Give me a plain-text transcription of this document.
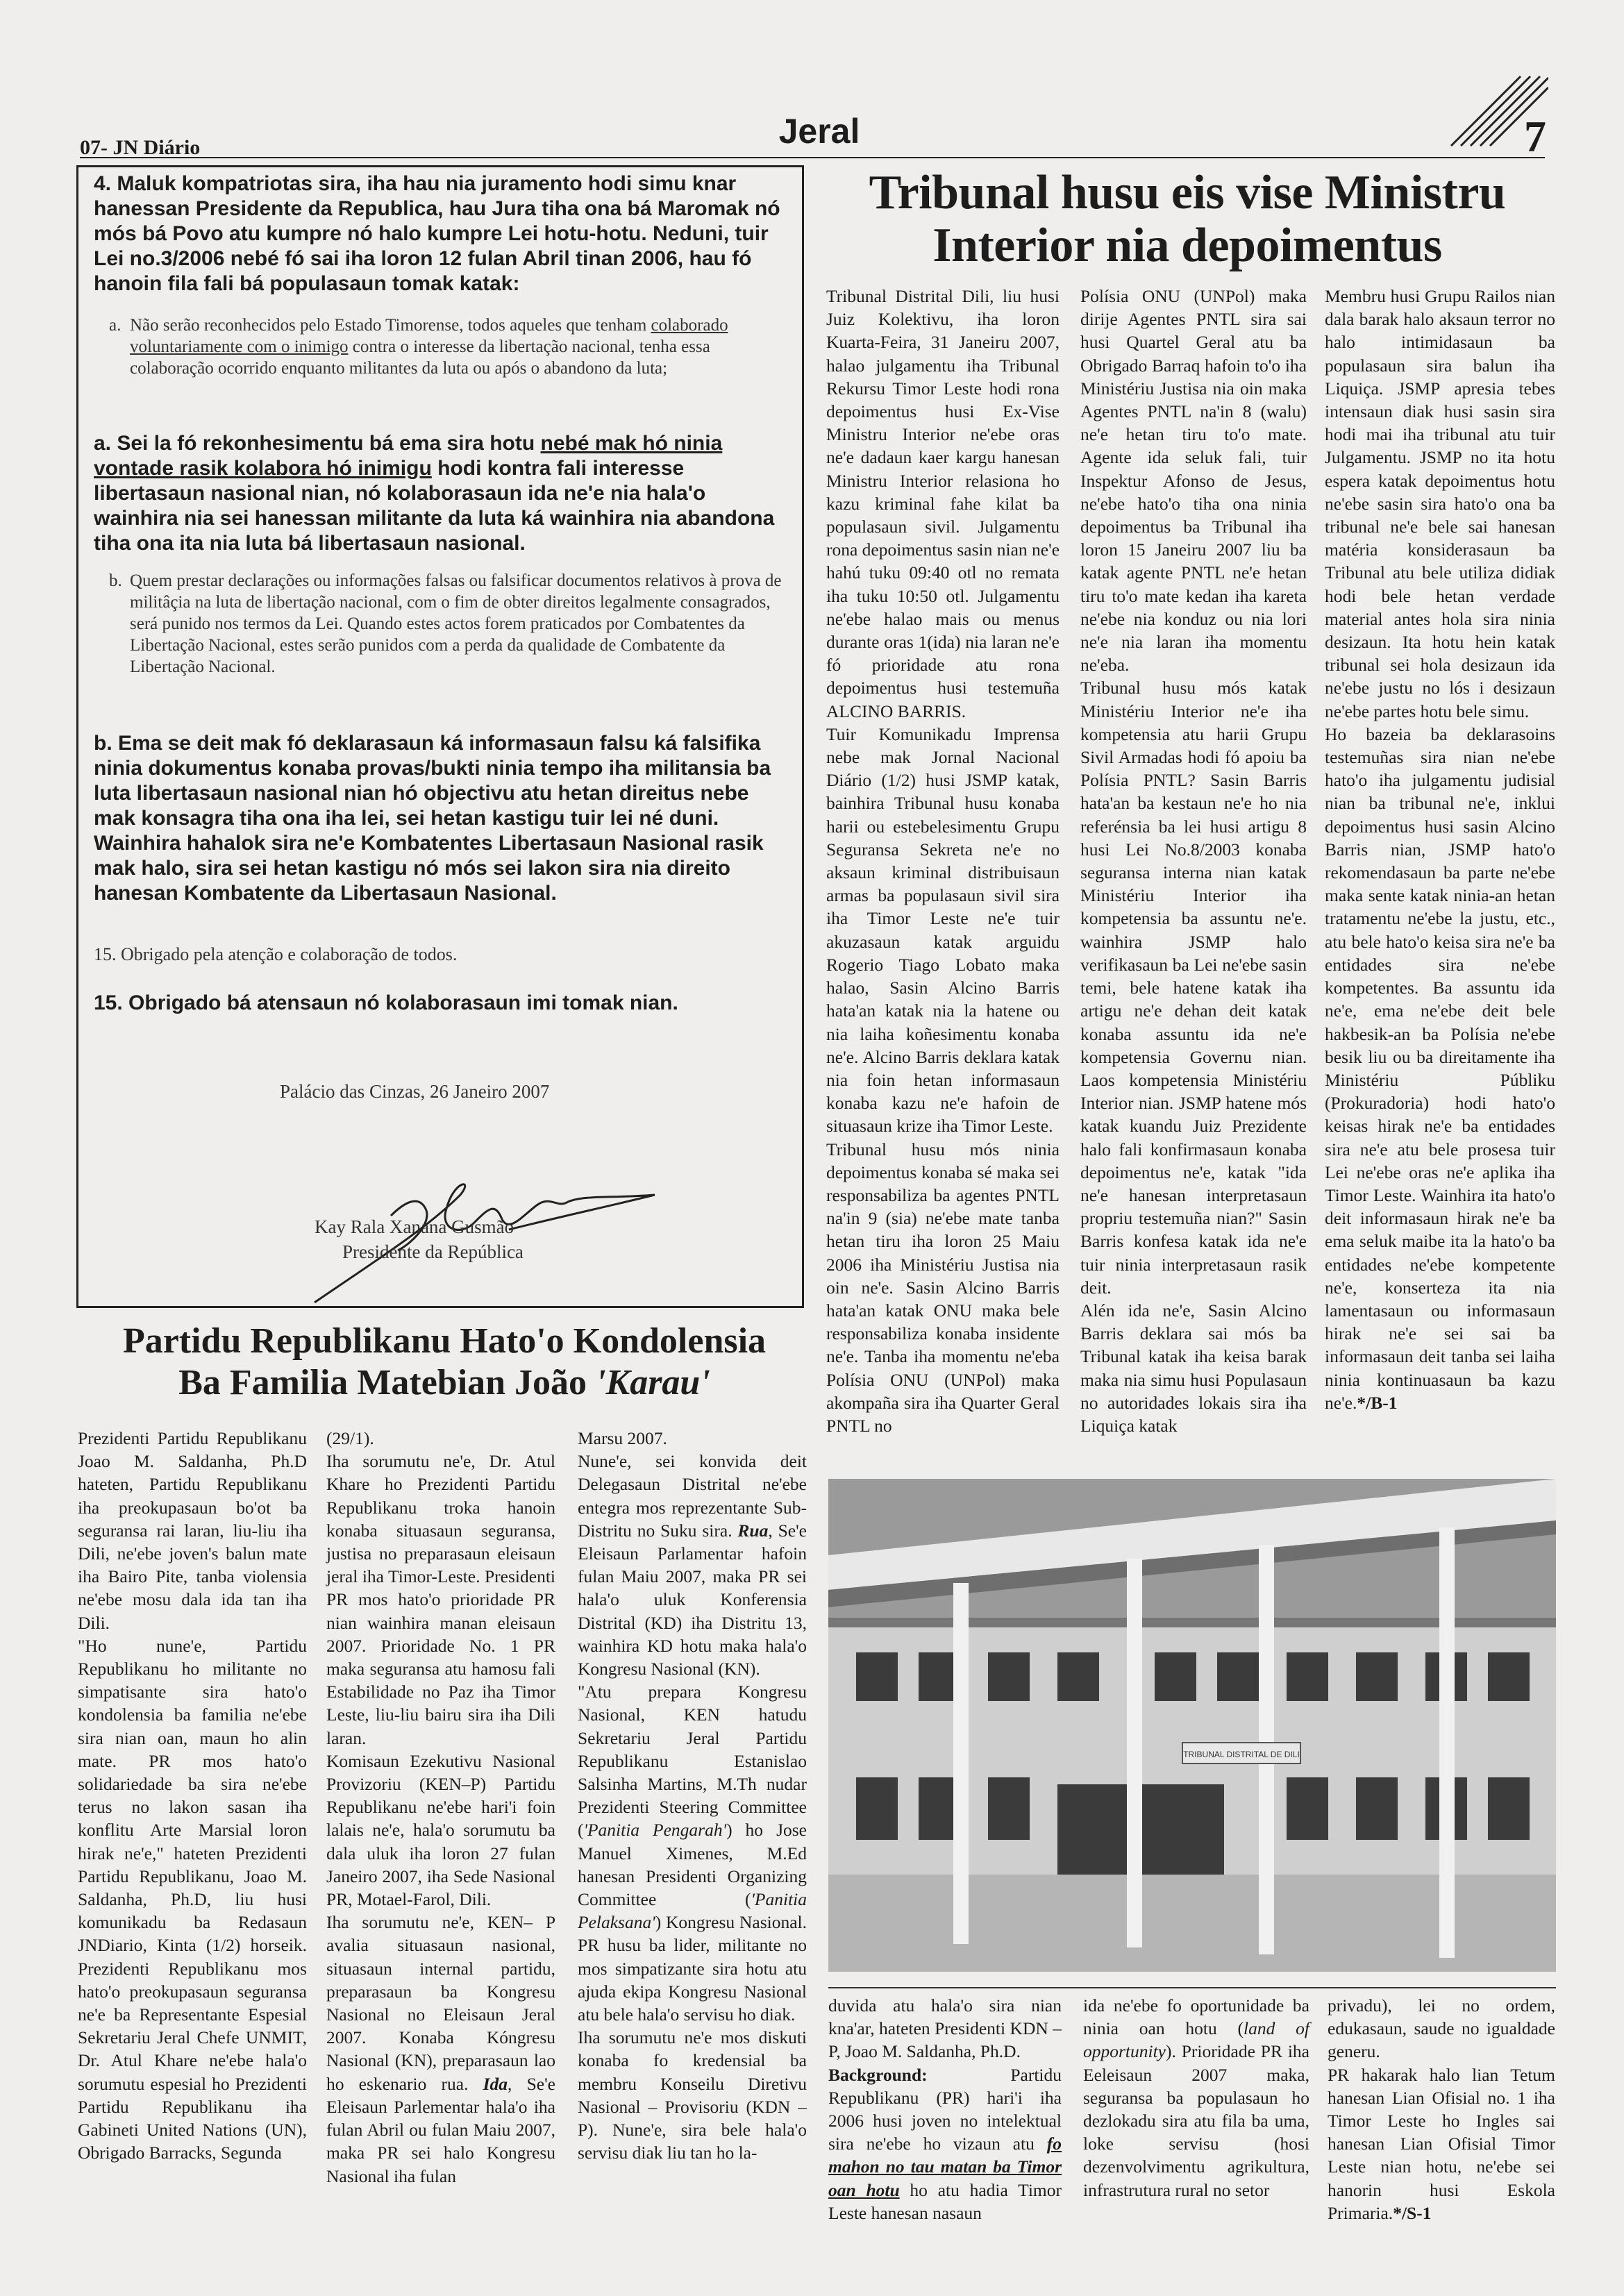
07- JN Diário	Jeral	7
4. Maluk kompatriotas sira, iha hau nia juramento hodi simu knar hanessan Presidente da Republica, hau Jura tiha ona bá Maromak nó mós bá Povo atu kumpre nó halo kumpre Lei hotu-hotu. Neduni, tuir Lei no.3/2006 nebé fó sai iha loron 12 fulan Abril tinan 2006, hau fó hanoin fila fali bá populasaun tomak katak:
a. Não serão reconhecidos pelo Estado Timorense, todos aqueles que tenham colaborado voluntariamente com o inimigo contra o interesse da libertação nacional, tenha essa colaboração ocorrido enquanto militantes da luta ou após o abandono da luta;
a. Sei la fó rekonhesimentu bá ema sira hotu nebé mak hó ninia vontade rasik kolabora hó inimigu hodi kontra fali interesse libertasaun nasional nian, nó kolaborasaun ida ne'e nia hala'o wainhira nia sei hanessan militante da luta ká wainhira nia abandona tiha ona ita nia luta bá libertasaun nasional.
b. Quem prestar declarações ou informações falsas ou falsificar documentos relativos à prova de militâçia na luta de libertação nacional, com o fim de obter direitos legalmente consagrados, será punido nos termos da Lei. Quando estes actos forem praticados por Combatentes da Libertação Nacional, estes serão punidos com a perda da qualidade de Combatente da Libertação Nacional.
b. Ema se deit mak fó deklarasaun ká informasaun falsu ká falsifika ninia dokumentus konaba provas/bukti ninia tempo iha militansia ba luta libertasaun nasional nian hó objectivu atu hetan direitus nebe mak konsagra tiha ona iha lei, sei hetan kastigu tuir lei né duni. Wainhira hahalok sira ne'e Kombatentes Libertasaun Nasional rasik mak halo, sira sei hetan kastigu nó mós sei lakon sira nia direito hanesan Kombatente da Libertasaun Nasional.
15. Obrigado pela atenção e colaboração de todos.
15. Obrigado bá atensaun nó kolaborasaun imi tomak nian.
Palácio das Cinzas, 26 Janeiro 2007
Kay Rala Xanana Gusmão
Presidente da República
Tribunal husu eis vise Ministru
Interior nia depoimentus

Tribunal Distrital Dili, liu husi Juiz Kolektivu, iha loron Kuarta-Feira, 31 Janeiru 2007, halao julgamentu iha Tribunal Rekursu Timor Leste hodi rona depoimentus husi Ex-Vise Ministru Interior ne'ebe oras ne'e dadaun kaer kargu hanesan Ministru Interior relasiona ho kazu kriminal fahe kilat ba populasaun sivil. Julgamentu rona depoimentus sasin nian ne'e hahú tuku 09:40 otl no remata iha tuku 10:50 otl. Julgamentu ne'ebe halao mais ou menus durante oras 1(ida) nia laran ne'e fó prioridade atu rona depoimentus husi testemuña ALCINO BARRIS.

Tuir Komunikadu Imprensa nebe mak Jornal Nacional Diário (1/2) husi JSMP katak, bainhira Tribunal husu konaba harii ou estebelesimentu Grupu Seguransa Sekreta ne'e no aksaun kriminal distribuisaun armas ba populasaun sivil sira iha Timor Leste ne'e tuir akuzasaun katak arguidu Rogerio Tiago Lobato maka halao, Sasin Alcino Barris hata'an katak nia la hatene ou nia laiha koñesimentu konaba ne'e. Alcino Barris deklara katak nia foin hetan informasaun konaba kazu ne'e hafoin de situasaun krize iha Timor Leste.

Tribunal husu mós ninia depoimentus konaba sé maka sei responsabiliza ba agentes PNTL na'in 9 (sia) ne'ebe mate tanba hetan tiru iha loron 25 Maiu 2006 iha Ministériu Justisa nia oin ne'e. Sasin Alcino Barris hata'an katak ONU maka bele responsabiliza konaba insidente ne'e. Tanba iha momentu ne'eba Polísia ONU (UNPol) maka akompaña sira iha Quarter Geral PNTL no

Polísia ONU (UNPol) maka dirije Agentes PNTL sira sai husi Quartel Geral atu ba Obrigado Barraq hafoin to'o iha Ministériu Justisa nia oin maka Agentes PNTL na'in 8 (walu) ne'e hetan tiru to'o mate. Agente ida seluk fali, tuir Inspektur Afonso de Jesus, ne'ebe hato'o tiha ona ninia depoimentus ba Tribunal iha loron 15 Janeiru 2007 liu ba katak agente PNTL ne'e hetan tiru to'o mate kedan iha kareta ne'ebe nia konduz ou nia lori ne'e nia laran iha momentu ne'eba.

Tribunal husu mós katak Ministériu Interior ne'e iha kompetensia atu harii Grupu Sivil Armadas hodi fó apoiu ba Polísia PNTL? Sasin Barris hata'an ba kestaun ne'e ho nia referénsia ba lei husi artigu 8 husi Lei No.8/2003 konaba seguransa interna nian katak Ministériu Interior iha kompetensia ba assuntu ne'e. wainhira JSMP halo verifikasaun ba Lei ne'ebe sasin temi, bele hatene katak iha artigu ne'e dehan deit katak konaba assuntu ida ne'e kompetensia Governu nian. Laos kompetensia Ministériu Interior nian. JSMP hatene mós katak kuandu Juiz Prezidente halo fali konfirmasaun konaba depoimentus ne'e, katak "ida ne'e hanesan interpretasaun propriu testemuña nian?" Sasin Barris konfesa katak ida ne'e tuir ninia interpretasaun rasik deit.

Alén ida ne'e, Sasin Alcino Barris deklara sai mós ba Tribunal katak iha keisa barak maka nia simu husi Populasaun no autoridades lokais sira iha Liquiça katak

Membru husi Grupu Railos nian dala barak halo aksaun terror no halo intimidasaun ba populasaun sira balun iha Liquiça. JSMP apresia tebes intensaun diak husi sasin sira hodi mai iha tribunal atu tuir Julgamentu. JSMP no ita hotu espera katak depoimentus hotu ne'ebe sasin sira hato'o ona ba tribunal ne'e bele sai hanesan matéria konsiderasaun ba Tribunal atu bele utiliza didiak hodi bele hetan verdade material antes hola sira ninia desizaun. Ita hotu hein katak tribunal sei hola desizaun ida ne'ebe justu no lós i desizaun ne'ebe partes hotu bele simu.

Ho bazeia ba deklarasoins testemuñas sira nian ne'ebe hato'o iha julgamentu judisial nian ba tribunal ne'e, inklui depoimentus husi sasin Alcino Barris nian, JSMP hato'o rekomendasaun ba parte ne'ebe maka sente katak ninia-an hetan tratamentu ne'ebe la justu, etc., atu bele hato'o keisa sira ne'e ba entidades sira ne'ebe kompetentes. Ba assuntu ida ne'e, ema ne'ebe deit bele hakbesik-an ba Polísia ne'ebe besik liu ou ba direitamente iha Ministériu Públiku (Prokuradoria) hodi hato'o keisas hirak ne'e ba entidades sira ne'e atu bele prosesa tuir Lei ne'ebe oras ne'e aplika iha Timor Leste. Wainhira ita hato'o deit informasaun hirak ne'e ba ema seluk maibe ita la hato'o ba entidades ne'ebe kompetente ne'e, konserteza ita nia lamentasaun ou informasaun hirak ne'e sei sai ba informasaun deit tanba sei laiha ninia kontinuasaun ba kazu ne'e.*/B-1

TRIBUNAL DISTRITAL DE DILI

duvida atu hala'o sira nian kna'ar, hateten Presidenti KDN – P, Joao M. Saldanha, Ph.D.

Background: Partidu Republikanu (PR) hari'i iha 2006 husi joven no intelektual sira ne'ebe ho vizaun atu fo mahon no tau matan ba Timor oan hotu ho atu hadia Timor Leste hanesan nasaun

ida ne'ebe fo oportunidade ba ninia oan hotu (land of opportunity). Prioridade PR iha Eeleisaun 2007 maka, seguransa ba populasaun ho dezlokadu sira atu fila ba uma, loke servisu (hosi dezenvolvimentu agrikultura, infrastrutura rural no setor

privadu), lei no ordem, edukasaun, saude no igualdade generu.

PR hakarak halo lian Tetum hanesan Lian Ofisial no. 1 iha Timor Leste ho Ingles sai hanesan Lian Ofisial Timor Leste nian hotu, ne'ebe sei hanorin husi Eskola Primaria.*/S-1

Partidu Republikanu Hato'o Kondolensia
Ba Familia Matebian João 'Karau'

Prezidenti Partidu Republikanu Joao M. Saldanha, Ph.D hateten, Partidu Republikanu iha preokupasaun bo'ot ba seguransa rai laran, liu-liu iha Dili, ne'ebe joven's balun mate iha Bairo Pite, tanba violensia ne'ebe mosu dala ida tan iha Dili.

"Ho nune'e, Partidu Republikanu ho militante no simpatisante sira hato'o kondolensia ba familia ne'ebe sira nian oan, maun ho alin mate. PR mos hato'o solidariedade ba sira ne'ebe terus no lakon sasan iha konflitu Arte Marsial loron hirak ne'e," hateten Prezidenti Partidu Republikanu, Joao M. Saldanha, Ph.D, liu husi komunikadu ba Redasaun JNDiario, Kinta (1/2) horseik. Prezidenti Republikanu mos hato'o preokupasaun seguransa ne'e ba Representante Espesial Sekretariu Jeral Chefe UNMIT, Dr. Atul Khare ne'ebe hala'o sorumutu espesial ho Prezidenti Partidu Republikanu iha Gabineti United Nations (UN), Obrigado Barracks, Segunda

(29/1).

Iha sorumutu ne'e, Dr. Atul Khare ho Prezidenti Partidu Republikanu troka hanoin konaba situasaun seguransa, justisa no preparasaun eleisaun jeral iha Timor-Leste. Presidenti PR mos hato'o prioridade PR nian wainhira manan eleisaun 2007. Prioridade No. 1 PR maka seguransa atu hamosu fali Estabilidade no Paz iha Timor Leste, liu-liu bairu sira iha Dili laran.

Komisaun Ezekutivu Nasional Provizoriu (KEN–P) Partidu Republikanu ne'ebe hari'i foin lalais ne'e, hala'o sorumutu ba dala uluk iha loron 27 fulan Janeiro 2007, iha Sede Nasional PR, Motael-Farol, Dili.

Iha sorumutu ne'e, KEN– P avalia situasaun nasional, situasaun internal partidu, preparasaun ba Kongresu Nasional no Eleisaun Jeral 2007. Konaba Kóngresu Nasional (KN), preparasaun lao ho eskenario rua. Ida, Se'e Eleisaun Parlementar hala'o iha fulan Abril ou fulan Maiu 2007, maka PR sei halo Kongresu Nasional iha fulan

Marsu 2007.

Nune'e, sei konvida deit Delegasaun Distrital ne'ebe entegra mos reprezentante Sub-Distritu no Suku sira. Rua, Se'e Eleisaun Parlamentar hafoin fulan Maiu 2007, maka PR sei hala'o uluk Konferensia Distrital (KD) iha Distritu 13, wainhira KD hotu maka hala'o Kongresu Nasional (KN).

"Atu prepara Kongresu Nasional, KEN hatudu Sekretariu Jeral Partidu Republikanu Estanislao Salsinha Martins, M.Th nudar Prezidenti Steering Committee ('Panitia Pengarah') ho Jose Manuel Ximenes, M.Ed hanesan Presidenti Organizing Committee ('Panitia Pelaksana') Kongresu Nasional. PR husu ba lider, militante no mos simpatizante sira hotu atu ajuda ekipa Kongresu Nasional atu bele hala'o servisu ho diak.

Iha sorumutu ne'e mos diskuti konaba fo kredensial ba membru Konseilu Diretivu Nasional – Provisoriu (KDN – P). Nune'e, sira bele hala'o servisu diak liu tan ho la-
